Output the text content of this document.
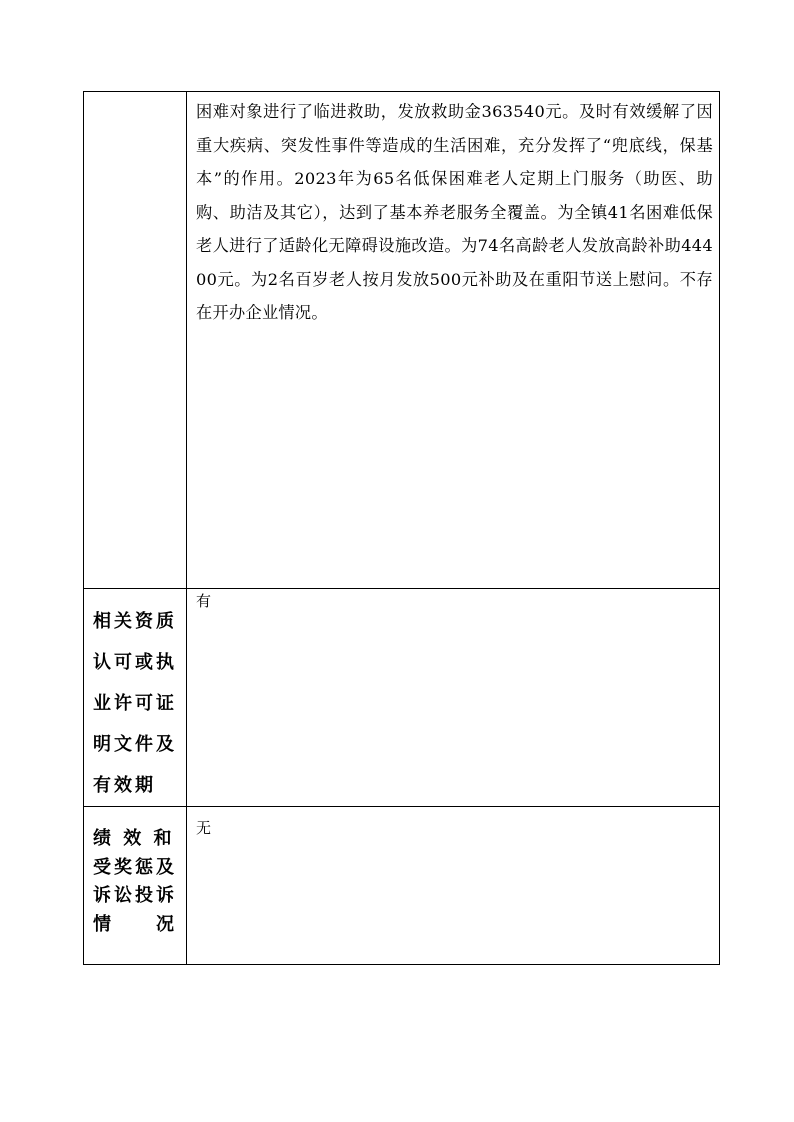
	困难对象进行了临进救助，发放救助金363540元。及时有效缓解了因重大疾病、突发性事件等造成的生活困难，充分发挥了“兜底线，保基本”的作用。2023年为65名低保困难老人定期上门服务（助医、助购、助洁及其它），达到了基本养老服务全覆盖。为全镇41名困难低保老人进行了适龄化无障碍设施改造。为74名高龄老人发放高龄补助44400元。为2名百岁老人按月发放500元补助及在重阳节送上慰问。不存在开办企业情况。

相关资质
认可或执
业许可证
明文件及
有效期	有

绩 效 和
受奖惩及
诉讼投诉
情　　况	无
